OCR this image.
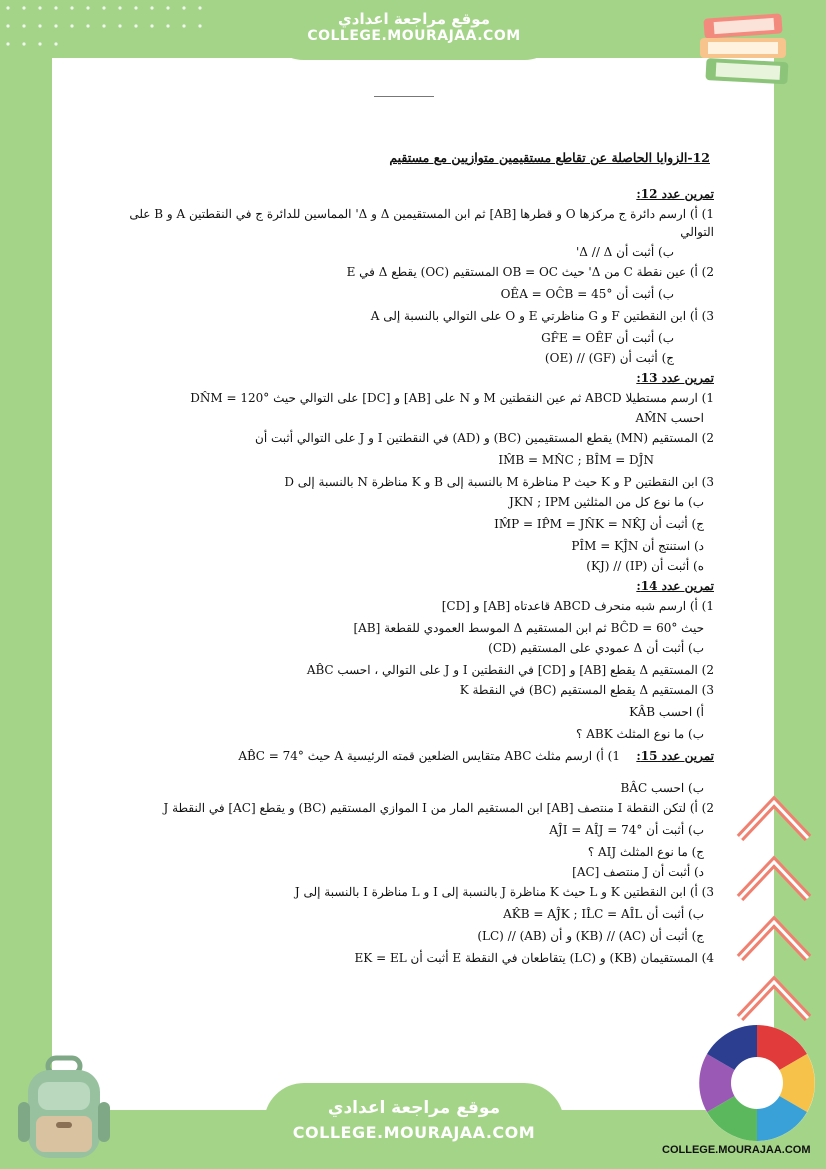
موقع مراجعة اعدادي
COLLEGE.MOURAJAA.COM
12-الزوايا الحاصلة عن تقاطع مستقيمين متوازيين مع مستقيم
تمرين عدد 12:
1) أ) ارسم دائرة ج مركزها O و قطرها [AB] ثم ابن المستقيمين Δ و Δ' المماسين للدائرة ج في النقطتين A و B على
التوالي
ب) أثبت أن Δ // Δ'
2) أ) عين نقطة C من Δ' حيث OB = OC المستقيم (OC) يقطع Δ في E
ب) أثبت أن OÊA = OĈB = 45°
3) أ) ابن النقطتين F و G مناظرتي E و O على التوالي بالنسبة إلى A
ب) أثبت أن GF̂E = OÊF
ج) أثبت أن (GF) // (OE)
تمرين عدد 13:
1) ارسم مستطيلا ABCD ثم عين النقطتين M و N على [AB] و [DC] على التوالي حيث DN̂M = 120°
احسب AM̂N
2) المستقيم (MN) يقطع المستقيمين (BC) و (AD) في النقطتين I و J على التوالي أثبت أن
IM̂B = MN̂C ; BÎM = DĴN
3) ابن النقطتين P و K حيث P مناظرة M بالنسبة إلى B و K مناظرة N بالنسبة إلى D
ب) ما نوع كل من المثلثين JKN ; IPM
ج) أثبت أن IM̂P = IP̂M = JN̂K = NK̂J
د) استنتج أن PÎM = KĴN
ه) أثبت أن (IP) // (KJ)
تمرين عدد 14:
1) أ) ارسم شبه منحرف ABCD قاعدتاه [AB] و [CD]
حيث BĈD = 60° ثم ابن المستقيم Δ الموسط العمودي للقطعة [AB]
ب) أثبت أن Δ عمودي على المستقيم (CD)
2) المستقيم Δ يقطع [AB] و [CD] في النقطتين I و J على التوالي ، احسب AB̂C
3) المستقيم Δ يقطع المستقيم (BC) في النقطة K
أ) احسب KÂB
ب) ما نوع المثلث ABK ؟
تمرين عدد 15:
1) أ) ارسم مثلث ABC متقايس الضلعين قمته الرئيسية A حيث AB̂C = 74°
ب) احسب BÂC
2) أ) لتكن النقطة I منتصف [AB] ابن المستقيم المار من I الموازي المستقيم (BC) و يقطع [AC] في النقطة J
ب) أثبت أن AĴI = AÎJ = 74°
ج) ما نوع المثلث AIJ ؟
د) أثبت أن J منتصف [AC]
3) أ) ابن النقطتين K و L حيث K مناظرة J بالنسبة إلى I و L مناظرة I بالنسبة إلى J
ب) أثبت أن AK̂B = AĴK ; IL̂C = AÎL
ج) أثبت أن (AC) // (KB) و أن (AB) // (LC)
4) المستقيمان (KB) و (LC) يتقاطعان في النقطة E أثبت أن EK = EL
موقع مراجعة اعدادي
COLLEGE.MOURAJAA.COM
COLLEGE.MOURAJAA.COM
